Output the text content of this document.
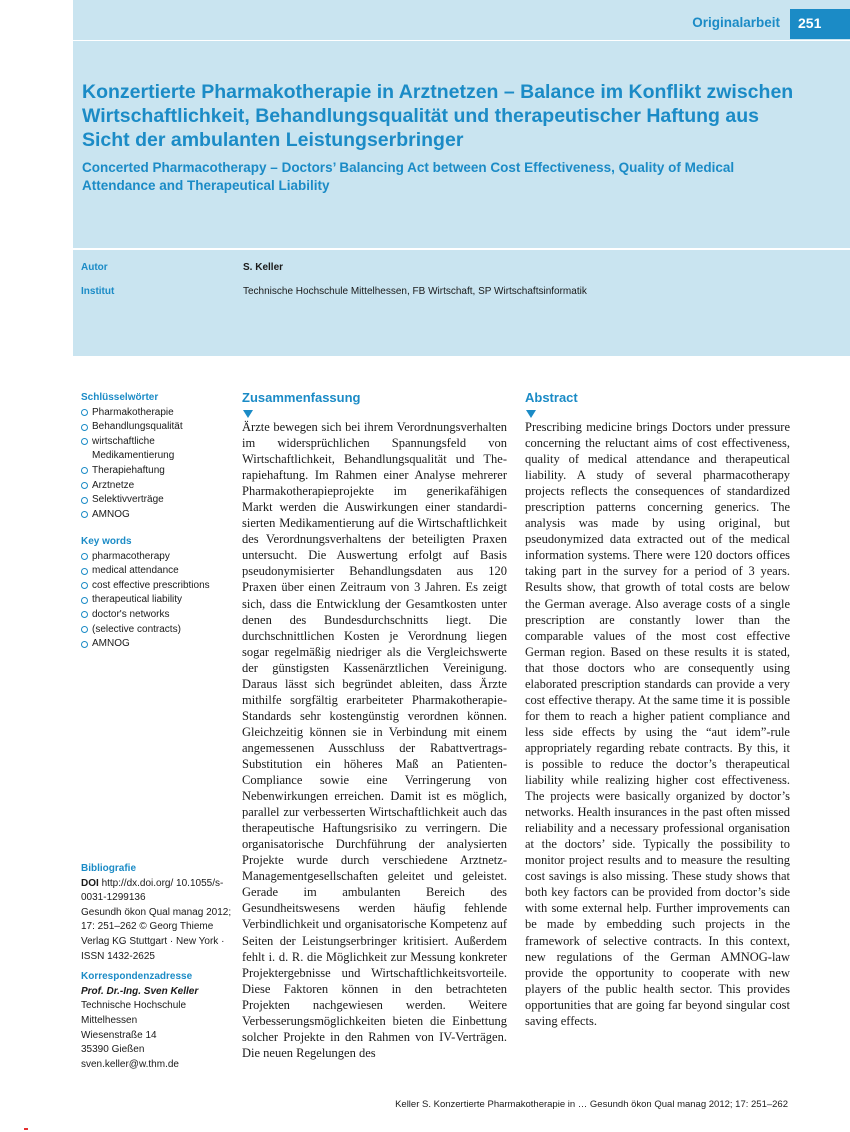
Originalarbeit	251
Konzertierte Pharmakotherapie in Arztnetzen – Balance im Konflikt zwischen Wirtschaftlichkeit, Behandlungsqualität und therapeutischer Haftung aus Sicht der ambulanten Leistungserbringer
Concerted Pharmacotherapy – Doctors’ Balancing Act between Cost Effectiveness, Quality of Medical Attendance and Therapeutical Liability
Autor	S. Keller
Institut	Technische Hochschule Mittelhessen, FB Wirtschaft, SP Wirtschaftsinformatik
Schlüsselwörter
Pharmakotherapie
Behandlungsqualität
wirtschaftliche Medikamentierung
Therapiehaftung
Arztnetze
Selektivverträge
AMNOG
Key words
pharmacotherapy
medical attendance
cost effective prescribtions
therapeutical liability
doctor's networks
(selective contracts)
AMNOG
Bibliografie
DOI http://dx.doi.org/ 10.1055/s-0031-1299136
Gesundh ökon Qual manag 2012; 17: 251–262 © Georg Thieme Verlag KG Stuttgart · New York · ISSN 1432-2625
Korrespondenzadresse
Prof. Dr.-Ing. Sven Keller
Technische Hochschule
Mittelhessen
Wiesenstraße 14
35390 Gießen
sven.keller@w.thm.de
Zusammenfassung

Ärzte bewegen sich bei ihrem Verordnungsverhalten im widersprüchlichen Spannungsfeld von Wirtschaftlichkeit, Behandlungsqualität und Therapiehaftung. Im Rahmen einer Analyse mehrerer Pharmakotherapieprojekte im generikafähigen Markt werden die Auswirkungen einer standardisierten Medikamentierung auf die Wirtschaftlichkeit des Verordnungsverhaltens der beteiligten Praxen untersucht. Die Auswertung erfolgt auf Basis pseudonymisierter Behandlungsdaten aus 120 Praxen über einen Zeitraum von 3 Jahren. Es zeigt sich, dass die Entwicklung der Gesamtkosten unter denen des Bundesdurchschnitts liegt. Die durchschnittlichen Kosten je Verordnung liegen sogar regelmäßig niedriger als die Vergleichswerte der günstigsten Kassenärztlichen Vereinigung. Daraus lässt sich begründet ableiten, dass Ärzte mithilfe sorgfältig erarbeiteter Pharmakotherapie-Standards sehr kostengünstig verordnen können. Gleichzeitig können sie in Verbindung mit einem angemessenen Ausschluss der Rabattvertrags-Substitution ein höheres Maß an Patienten-Compliance sowie eine Verringerung von Nebenwirkungen erreichen. Damit ist es möglich, parallel zur verbesserten Wirtschaftlichkeit auch das therapeutische Haftungsrisiko zu verringern. Die organisatorische Durchführung der analysierten Projekte wurde durch verschiedene Arztnetz-Managementgesellschaften geleitet und geleistet. Gerade im ambulanten Bereich des Gesundheitswesens werden häufig fehlende Verbindlichkeit und organisatorische Kompetenz auf Seiten der Leistungserbringer kritisiert. Außerdem fehlt i. d. R. die Möglichkeit zur Messung konkreter Projektergebnisse und Wirtschaftlichkeitsvorteile. Diese Faktoren können in den betrachteten Projekten nachgewiesen werden. Weitere Verbesserungsmöglichkeiten bieten die Einbettung solcher Projekte in den Rahmen von IV-Verträgen. Die neuen Regelungen des

Abstract

Prescribing medicine brings Doctors under pressure concerning the reluctant aims of cost effectiveness, quality of medical attendance and therapeutical liability. A study of several pharmacotherapy projects reflects the consequences of standardized prescription patterns concerning generics. The analysis was made by using original, but pseudonymized data extracted out of the medical information systems. There were 120 doctors offices taking part in the survey for a period of 3 years. Results show, that growth of total costs are below the German average. Also average costs of a single prescription are constantly lower than the comparable values of the most cost effective German region. Based on these results it is stated, that those doctors who are consequently using elaborated prescription standards can provide a very cost effective therapy. At the same time it is possible for them to reach a higher patient compliance and less side effects by using the “aut idem”-rule appropriately regarding rebate contracts. By this, it is possible to reduce the doctor’s therapeutical liability while realizing higher cost effectiveness. The projects were basically organized by doctor’s networks. Health insurances in the past often missed reliability and a necessary professional organisation at the doctors’ side. Typically the possibility to monitor project results and to measure the resulting cost savings is also missing. These study shows that both key factors can be provided from doctor’s side with some external help. Further improvements can be made by embedding such projects in the framework of selective contracts. In this context, new regulations of the German AMNOG-law provide the opportunity to cooperate with new players of the public health sector. This provides opportunities that are going far beyond singular cost saving effects.

Keller S. Konzertierte Pharmakotherapie in … Gesundh ökon Qual manag 2012; 17: 251–262
